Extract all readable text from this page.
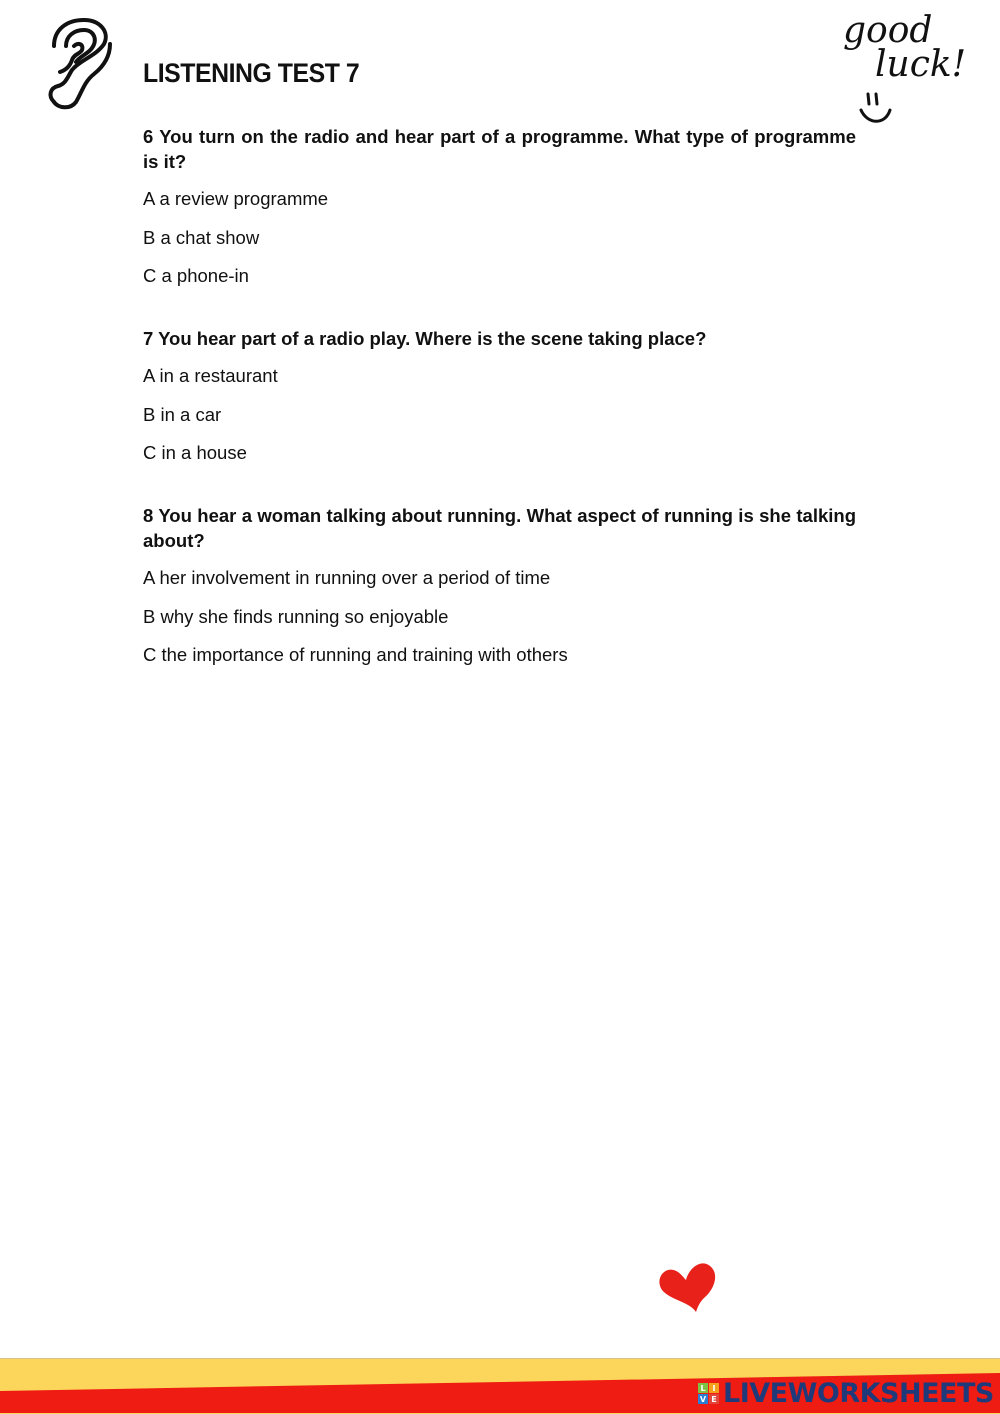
LISTENING TEST 7
good
luck!

6 You turn on the radio and hear part of a programme. What type of programme is it?

A a review programme

B a chat show

C a phone-in

7 You hear part of a radio play. Where is the scene taking place?

A in a restaurant

B in a car

C in a house

8 You hear a woman talking about running. What aspect of running is she talking about?

A her involvement in running over a period of time

B why she finds running so enjoyable

C the importance of running and training with others

L I
V E LIVEWORKSHEETS
